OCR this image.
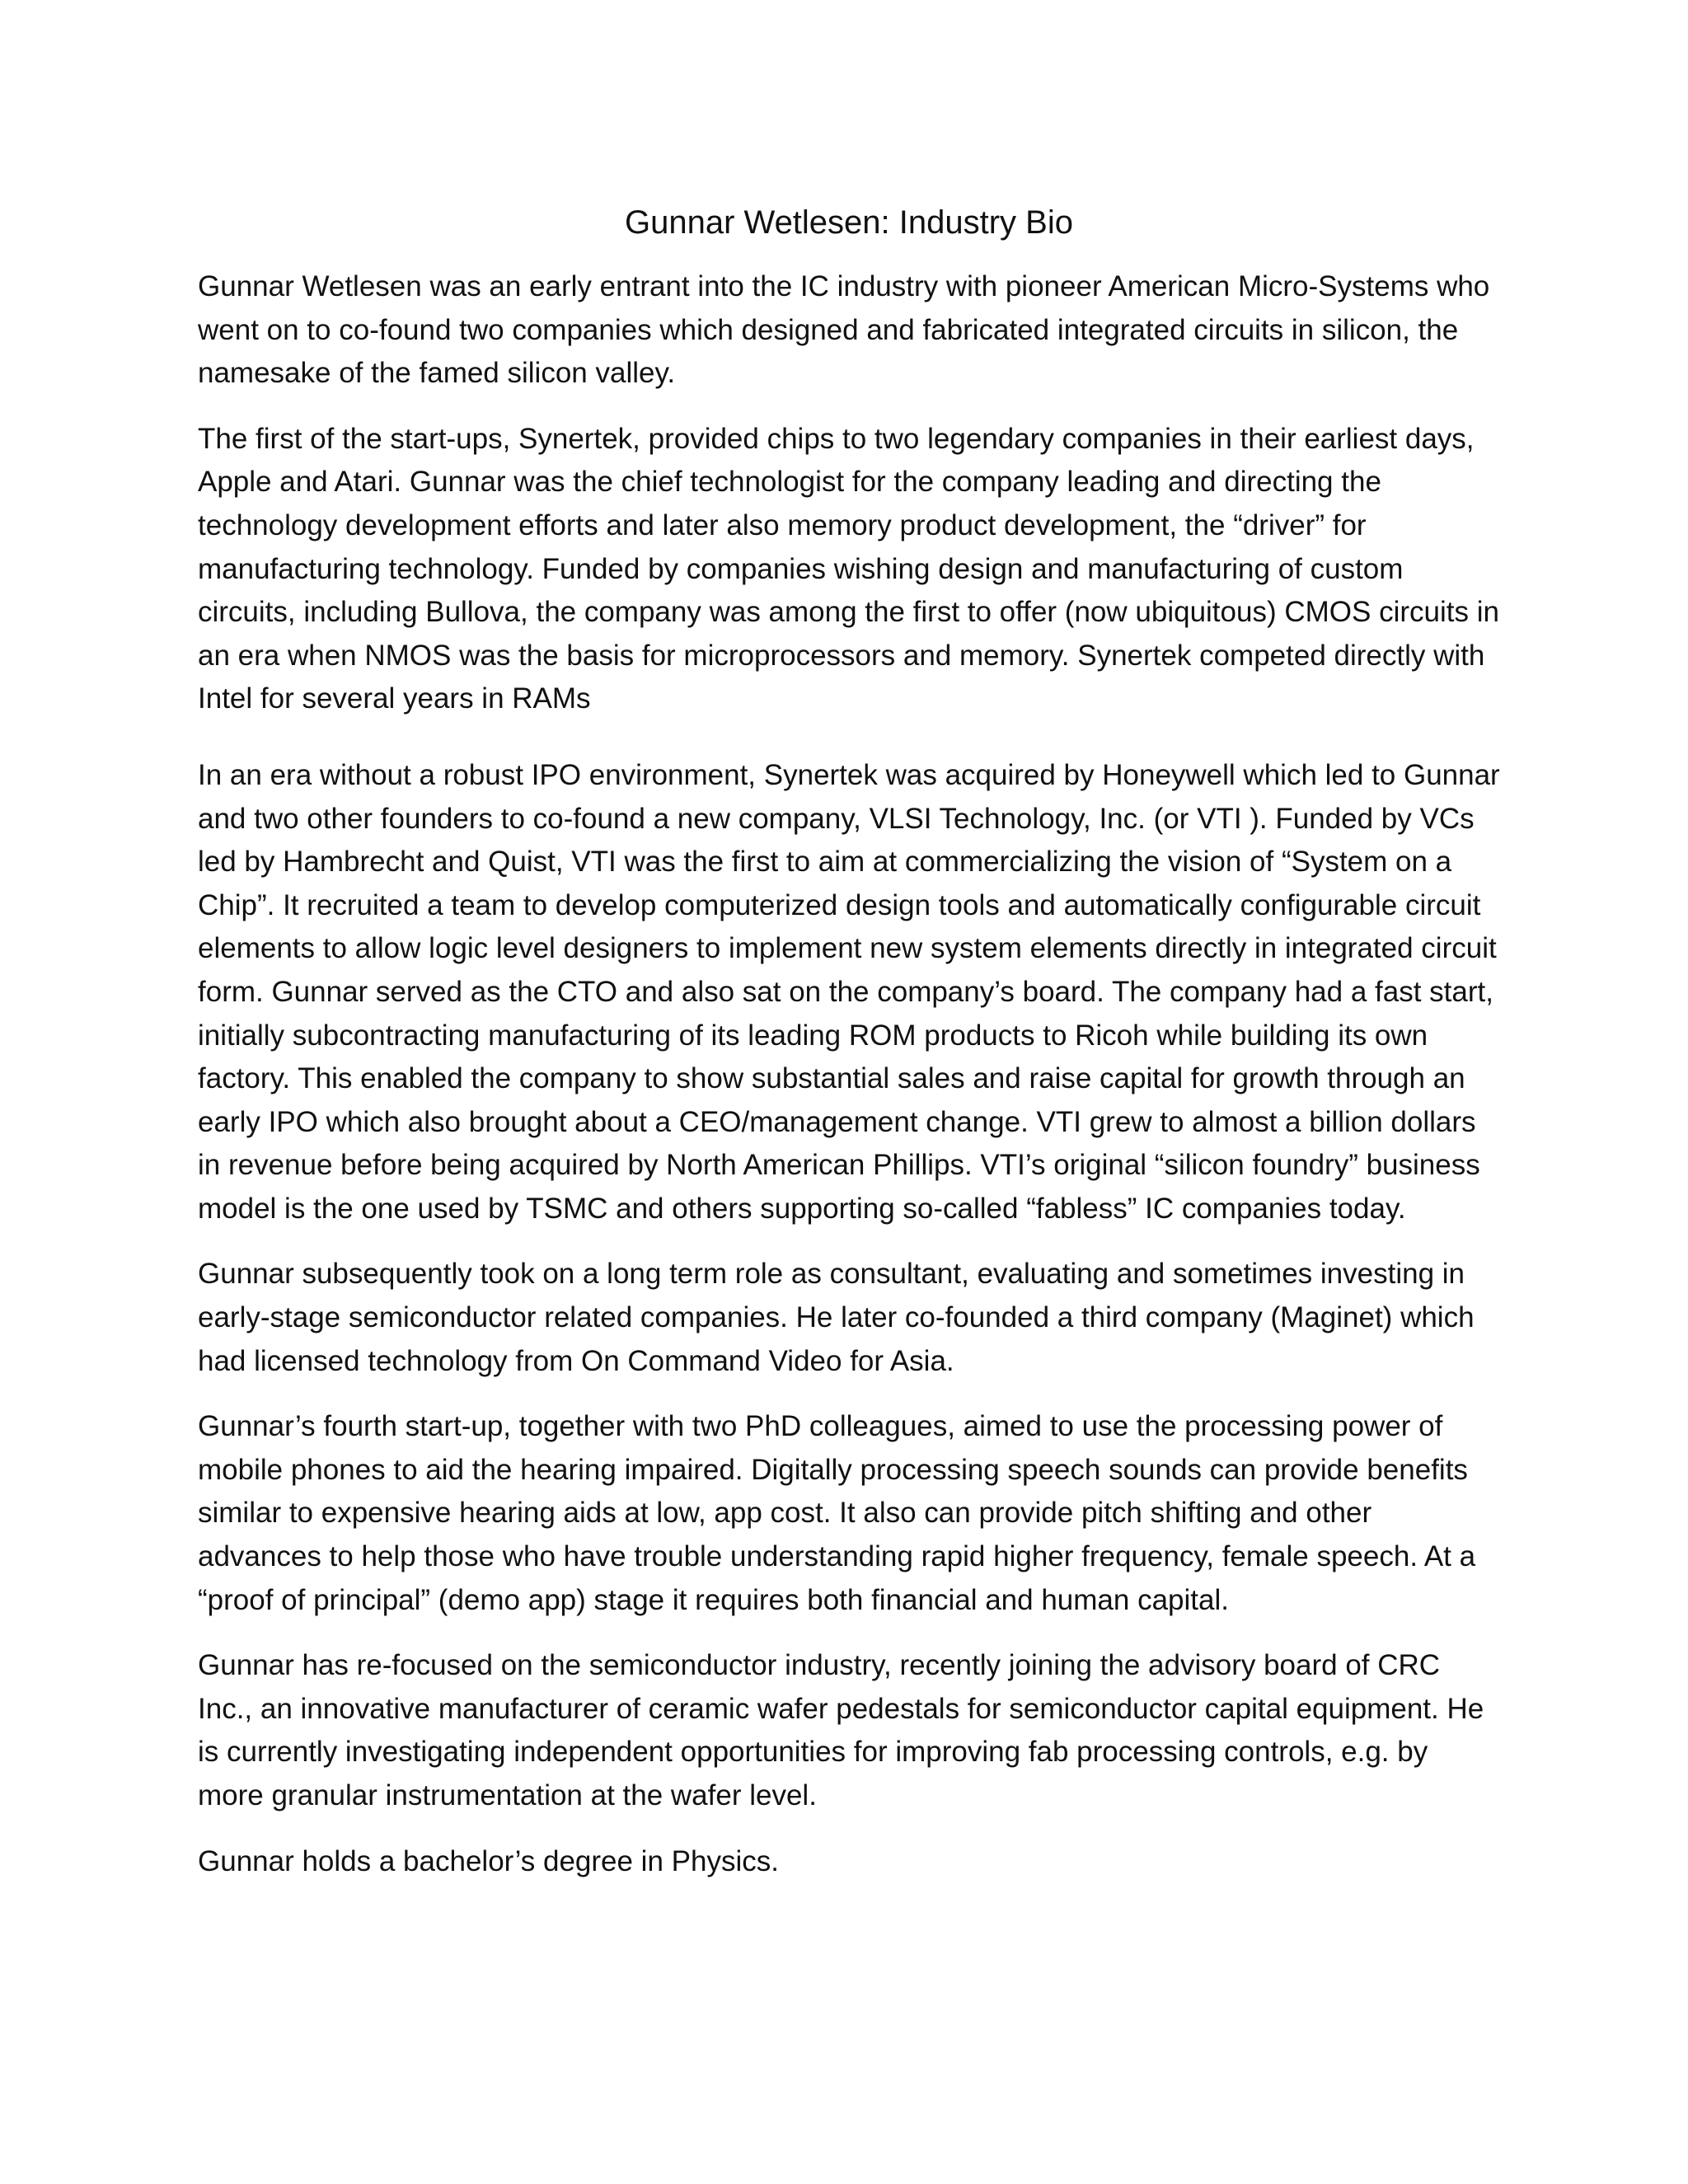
Gunnar Wetlesen: Industry Bio

Gunnar Wetlesen was an early entrant into the IC industry with pioneer American Micro-Systems who went on to co-found two companies which designed and fabricated integrated circuits in silicon, the namesake of the famed silicon valley.

The first of the start-ups, Synertek, provided chips to two legendary companies in their earliest days, Apple and Atari. Gunnar was the chief technologist for the company leading and directing the technology development efforts and later also memory product development, the “driver” for manufacturing technology. Funded by companies wishing design and manufacturing of custom circuits, including Bullova, the company was among the first to offer (now ubiquitous) CMOS circuits in an era when NMOS was the basis for microprocessors and memory. Synertek competed directly with Intel for several years in RAMs

In an era without a robust IPO environment, Synertek was acquired by Honeywell which led to Gunnar and two other founders to co-found a new company, VLSI Technology, Inc. (or VTI ). Funded by VCs led by Hambrecht and Quist, VTI was the first to aim at commercializing the vision of “System on a Chip”. It recruited a team to develop computerized design tools and automatically configurable circuit elements to allow logic level designers to implement new system elements directly in integrated circuit form. Gunnar served as the CTO and also sat on the company’s board. The company had a fast start, initially subcontracting manufacturing of its leading ROM products to Ricoh while building its own factory. This enabled the company to show substantial sales and raise capital for growth through an early IPO which also brought about a CEO/management change. VTI grew to almost a billion dollars in revenue before being acquired by North American Phillips. VTI’s original “silicon foundry” business model is the one used by TSMC and others supporting so-called “fabless” IC companies today.

Gunnar subsequently took on a long term role as consultant, evaluating and sometimes investing in early-stage semiconductor related companies. He later co-founded a third company (Maginet) which had licensed technology from On Command Video for Asia.

Gunnar’s fourth start-up, together with two PhD colleagues, aimed to use the processing power of mobile phones to aid the hearing impaired. Digitally processing speech sounds can provide benefits similar to expensive hearing aids at low, app cost. It also can provide pitch shifting and other advances to help those who have trouble understanding rapid higher frequency, female speech. At a “proof of principal” (demo app) stage it requires both financial and human capital.

Gunnar has re-focused on the semiconductor industry, recently joining the advisory board of CRC Inc., an innovative manufacturer of ceramic wafer pedestals for semiconductor capital equipment. He is currently investigating independent opportunities for improving fab processing controls, e.g. by more granular instrumentation at the wafer level.

Gunnar holds a bachelor’s degree in Physics.
